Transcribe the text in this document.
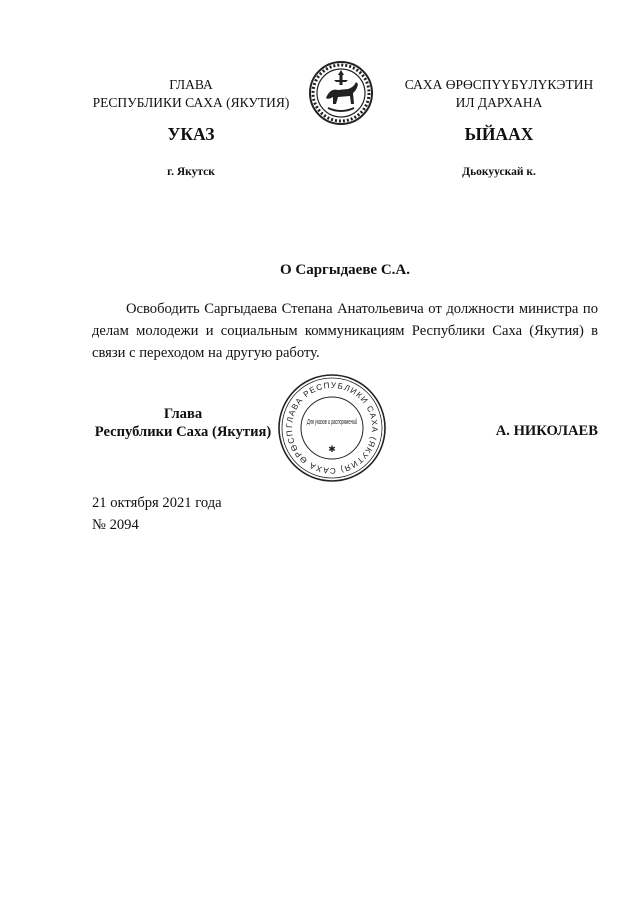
ГЛАВА
РЕСПУБЛИКИ САХА (ЯКУТИЯ)
САХА ӨРӨСПҮҮБҮЛҮКЭТИН
ИЛ ДАРХАНА
УКАЗ	ЫЙААХ
г. Якутск	Дьокуускай к.
О Саргыдаеве С.А.
Освободить Саргыдаева Степана Анатольевича от должности министра по делам молодежи и социальным коммуникациям Республики Саха (Якутия) в связи с переходом на другую работу.
Глава
Республики Саха (Якутия)	ГЛАВА РЕСПУБЛИКИ САХА (ЯКУТИЯ) САХА ӨРӨСП
Для указов и
✱
А. НИКОЛАЕВ
21 октября 2021 года
№ 2094
